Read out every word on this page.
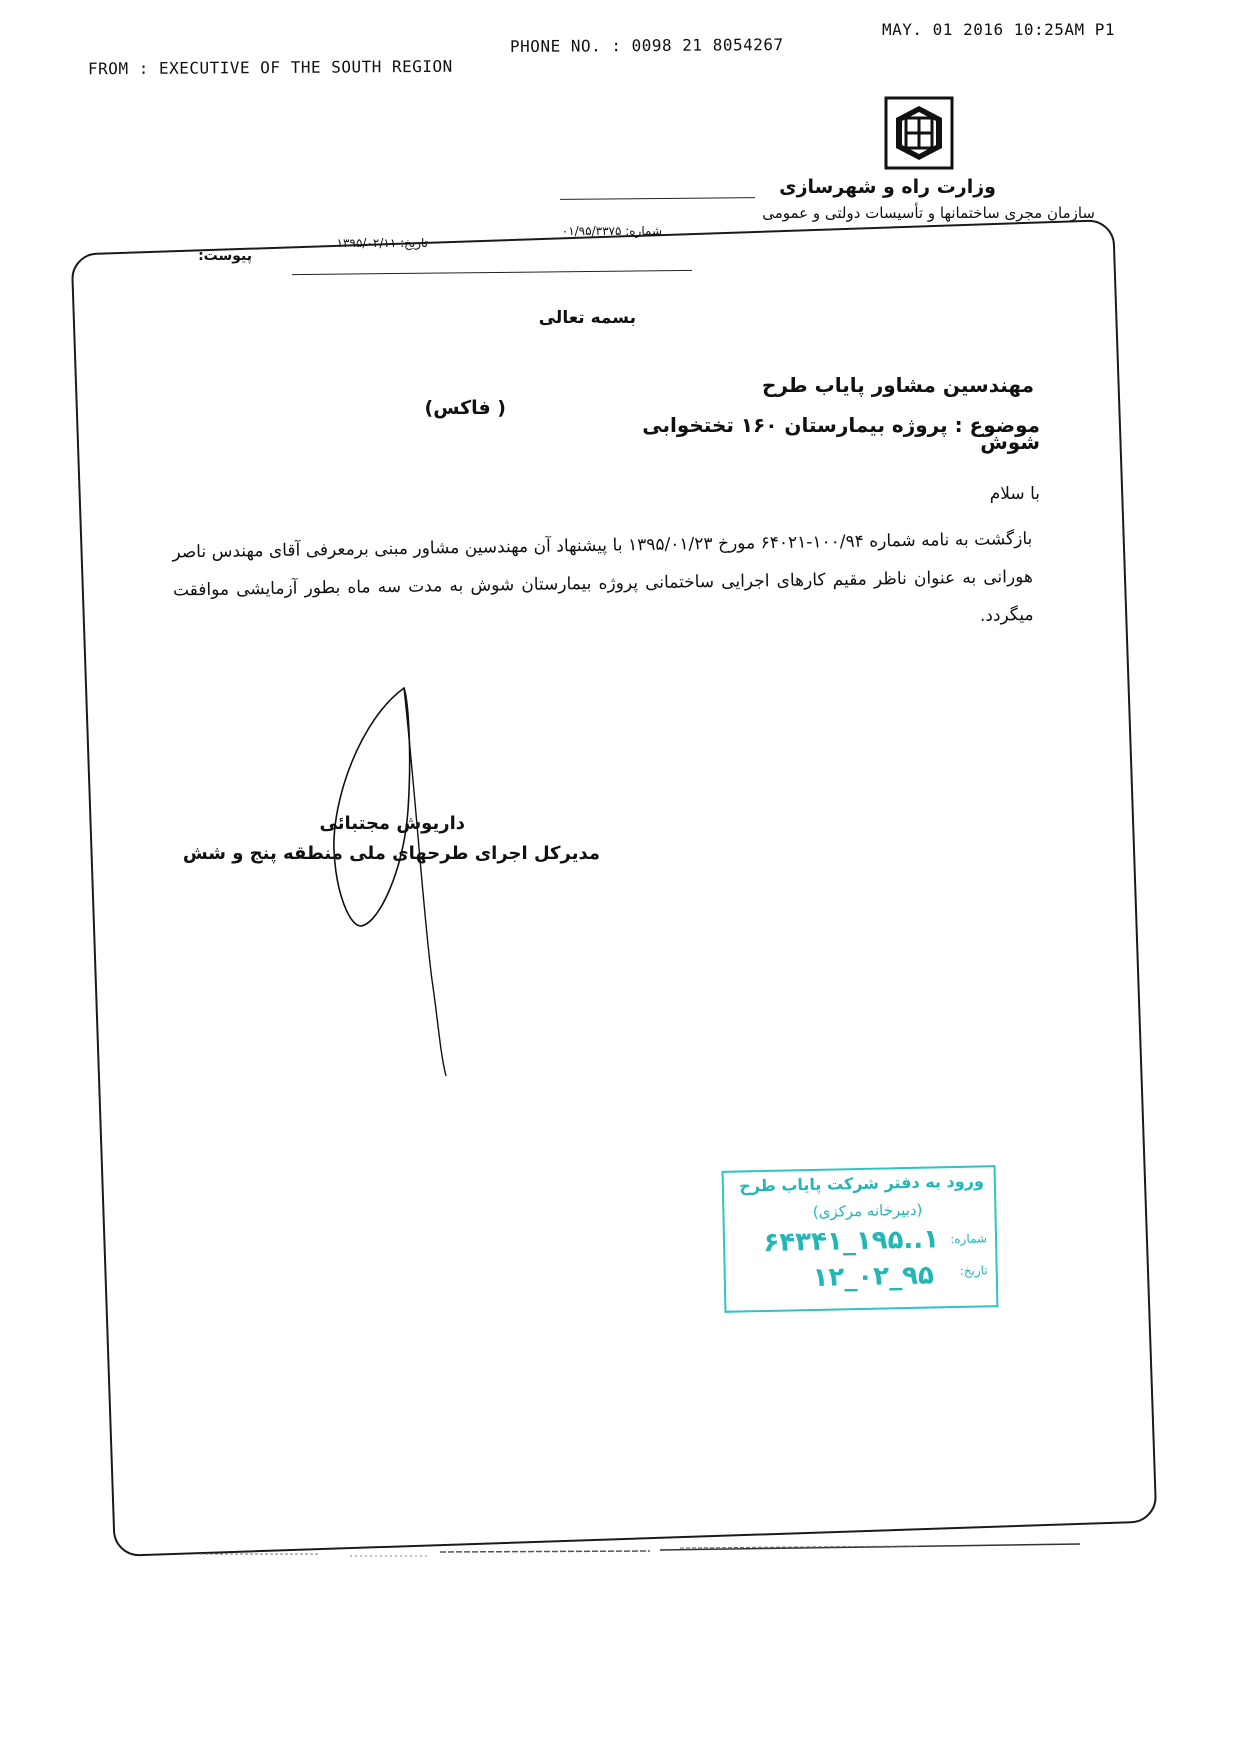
FROM : EXECUTIVE OF THE SOUTH REGION
PHONE NO. : 0098 21 8054267
MAY. 01 2016 10:25AM P1
وزارت راه و شهرسازی
سازمان مجری ساختمانها و تأسیسات دولتی و عمومی
پیوست:
تاریخ: ۱۳۹۵/۰۲/۱۱
شماره: ۰۱/۹۵/۳۳۷۵
بسمه تعالی
مهندسین مشاور پایاب طرح
( فاکس)
موضوع : پروژه بیمارستان ۱۶۰ تختخوابی
شوش
با سلام

بازگشت به نامه شماره ۱۰۰/۹۴-۶۴۰۲۱ مورخ ۱۳۹۵/۰۱/۲۳ با پیشنهاد آن مهندسین مشاور مبنی برمعرفی آقای مهندس ناصر هورانی به عنوان ناظر مقیم کارهای اجرایی ساختمانی پروژه بیمارستان شوش به مدت سه ماه بطور آزمایشی موافقت میگردد.

داریوش مجتبائی
مدیرکل اجرای طرحهای ملی منطقه پنج و شش
ورود به دفتر شرکت پایاب طرح
(دبیرخانه مرکزی)
شماره:
۱..۱۹۵_۶۴۳۴۱
تاریخ:
۹۵_۰۲_۱۲
